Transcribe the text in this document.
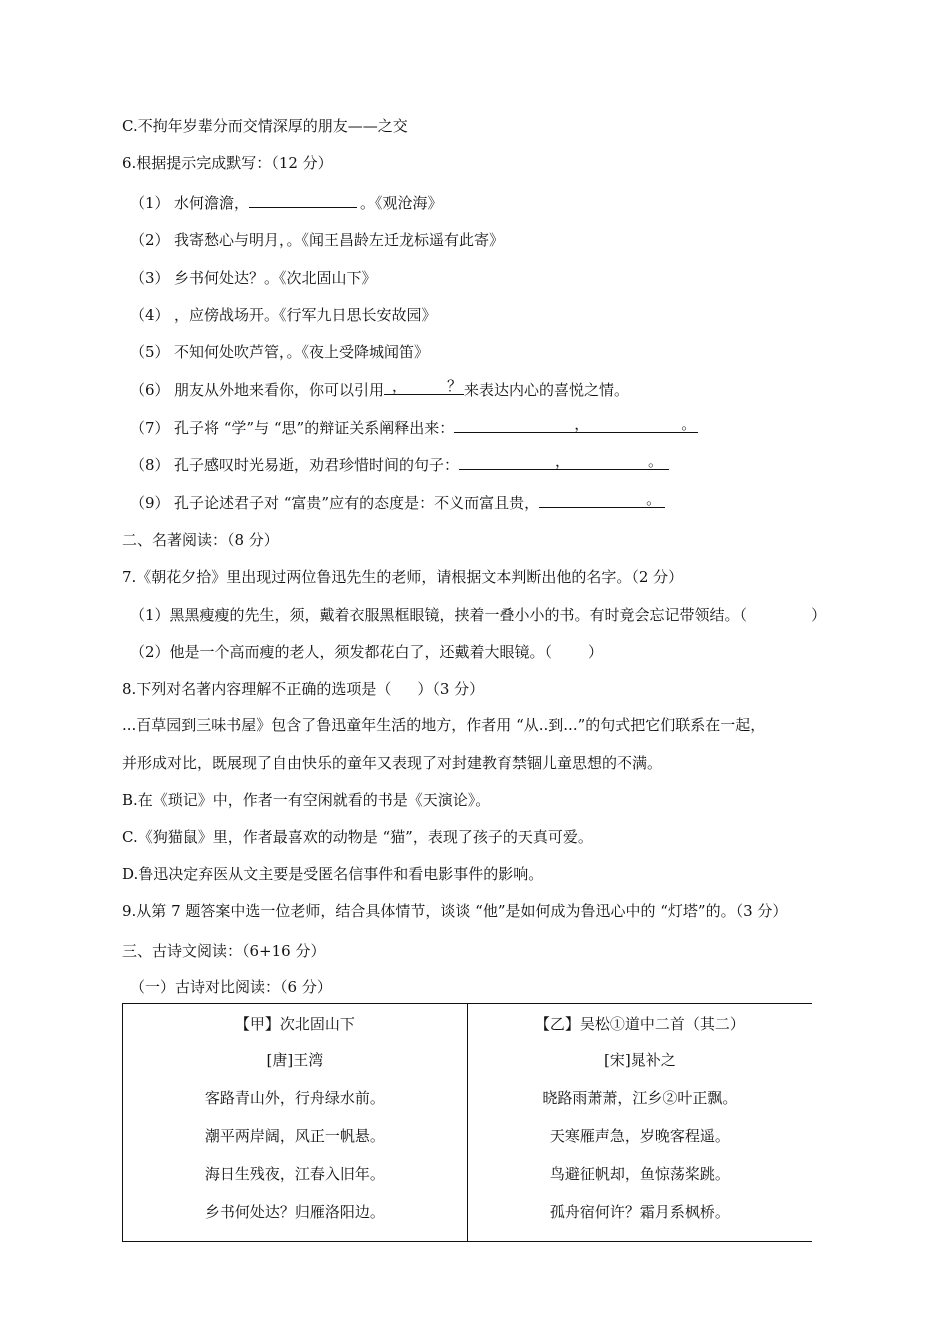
C.不拘年岁辈分而交情深厚的朋友——之交
6.根据提示完成默写：（12 分）
（1） 水何澹澹，	。《观沧海》
（2） 我寄愁心与明月，。《闻王昌龄左迁龙标遥有此寄》
（3） 乡书何处达？。《次北固山下》
（4） ，应傍战场开。《行军九日思长安故园》
（5） 不知何处吹芦管，。《夜上受降城闻笛》
（6） 朋友从外地来看你，你可以引用 ，	？ 来表达内心的喜悦之情。
（7） 孔子将 “学”与 “思”的辩证关系阐释出来：	，	。
（8） 孔子感叹时光易逝，劝君珍惜时间的句子：	，	。
（9） 孔子论述君子对 “富贵”应有的态度是：不义而富且贵，	。
二、名著阅读：（8 分）
7.《朝花夕拾》里出现过两位鲁迅先生的老师，请根据文本判断出他的名字。（2 分）
（1）黑黑瘦瘦的先生，须，戴着衣服黑框眼镜，挟着一叠小小的书。有时竟会忘记带领结。（	）
（2）他是一个高而瘦的老人，须发都花白了，还戴着大眼镜。（ ）
8.下列对名著内容理解不正确的选项是（ ）（3 分）
...百草园到三味书屋》包含了鲁迅童年生活的地方，作者用 “从..到...”的句式把它们联系在一起，
并形成对比，既展现了自由快乐的童年又表现了对封建教育禁锢儿童思想的不满。
B.在《琐记》中，作者一有空闲就看的书是《天演论》。
C.《狗猫鼠》里，作者最喜欢的动物是 “猫”，表现了孩子的天真可爱。
D.鲁迅决定弃医从文主要是受匿名信事件和看电影事件的影响。
9.从第 7 题答案中选一位老师，结合具体情节，谈谈 “他”是如何成为鲁迅心中的 “灯塔”的。（3 分）
三、古诗文阅读：（6+16 分）
（一）古诗对比阅读：（6 分）
【甲】次北固山下
[唐]王湾
客路青山外，行舟绿水前。
潮平两岸阔，风正一帆悬。
海日生残夜，江春入旧年。
乡书何处达？归雁洛阳边。

【乙】吴松①道中二首（其二）
[宋]晁补之
晓路雨萧萧，江乡②叶正飘。
天寒雁声急，岁晚客程遥。
鸟避征帆却，鱼惊荡桨跳。
孤舟宿何许？霜月系枫桥。
